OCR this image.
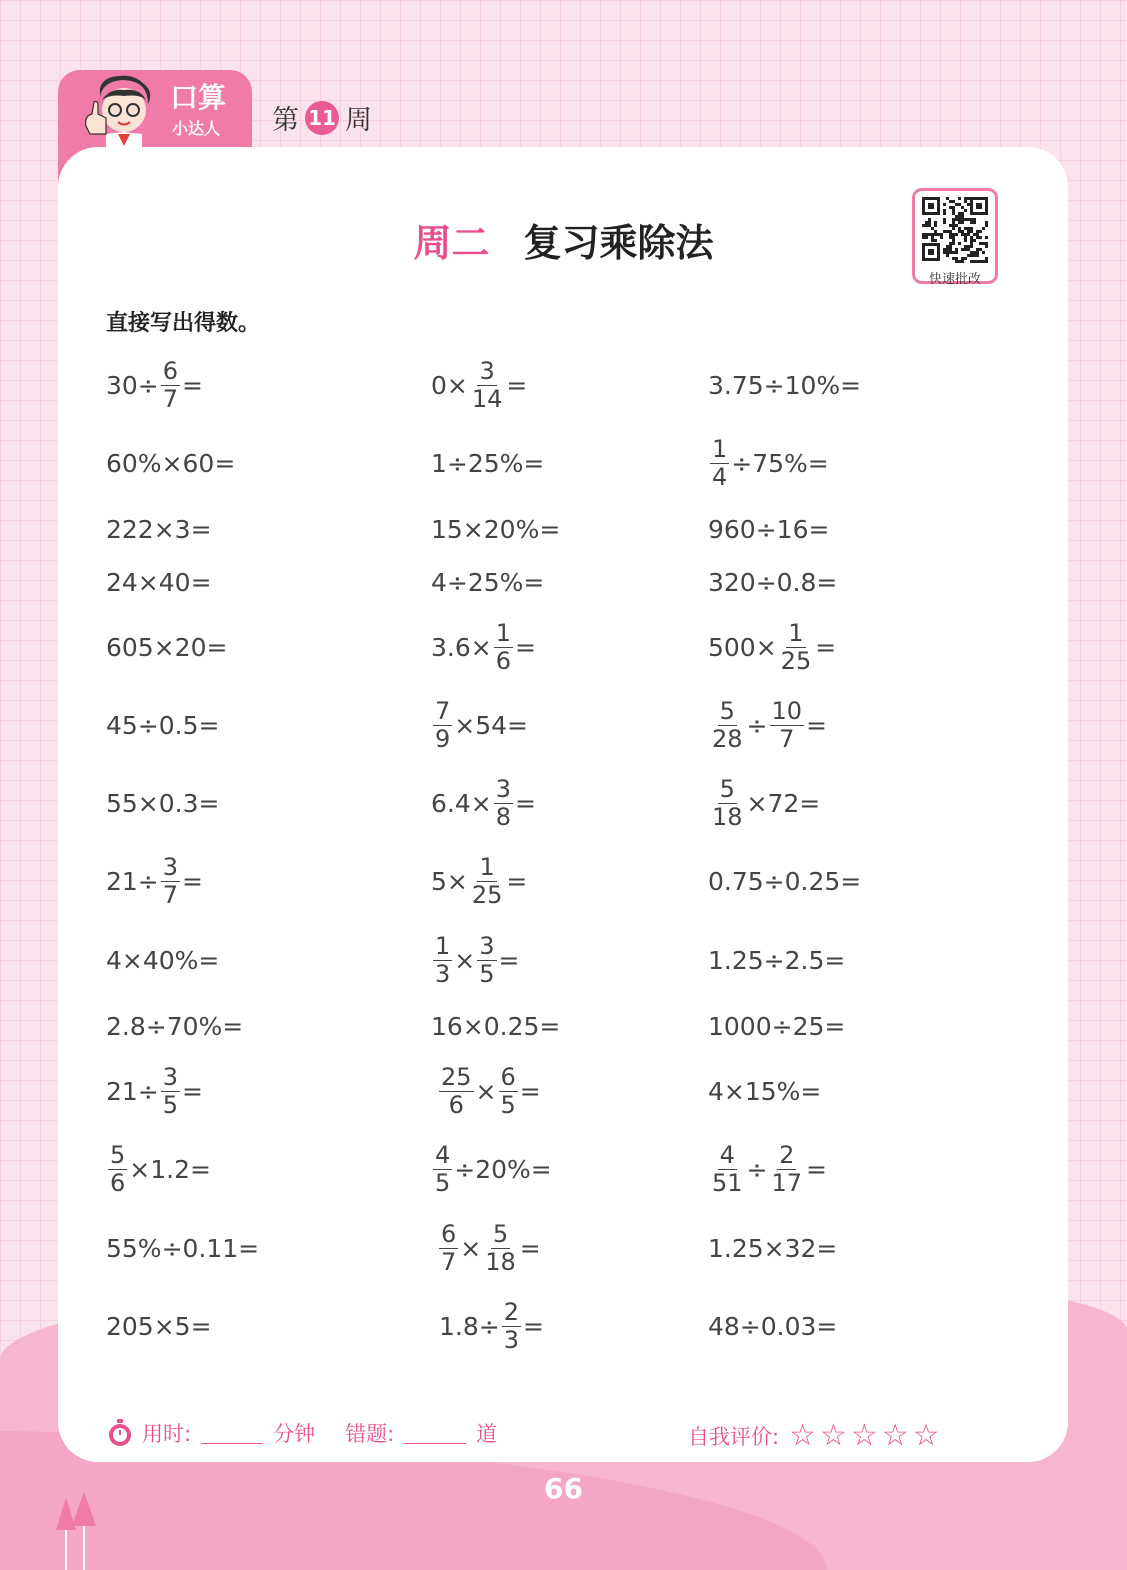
口算
小达人 第 11 周
周二 复习乘除法
快速批改
直接写出得数。
$30\div \frac{6}{7}$ =	$0\times \frac{3}{14}$ =	3.75÷10%=
60%×60=	1÷25%=	$\frac{1}{4} \div 75\%=$
222×3=	15×20%=	960÷16=
24×40=	4÷25%=	320÷0.8=
605×20=	$3.6\times \frac{1}{6}$ =	$500\times \frac{1}{25}$ =
45÷0.5=	$\frac{7}{9} \times 54=$	$\frac{5}{28} \div \frac{10}{7}$ =
55×0.3=	$6.4\times \frac{3}{8}$ =	$\frac{5}{18} \times 72=$
$21\div \frac{3}{7}$ =	$5\times \frac{1}{25}$ =	0.75÷0.25=
4×40%=	$\frac{1}{3} \times \frac{3}{5}$ =	1.25÷2.5=
2.8÷70%=	16×0.25=	1000÷25=
$21\div \frac{3}{5}$ =	$\frac{25}{6} \times \frac{6}{5}$ =	4×15%=
$\frac{5}{6} \times 1.2=$	$\frac{4}{5} \div 20\%=$	$\frac{4}{51} \div \frac{2}{17}$ =
55%÷0.11=	$\frac{6}{7} \times \frac{5}{18}$ =	1.25×32=
205×5=	$1.8\div \frac{2}{3}$ =	48÷0.03=
用时:	分钟 错题:	道	自我评价: ☆☆☆☆☆
66
